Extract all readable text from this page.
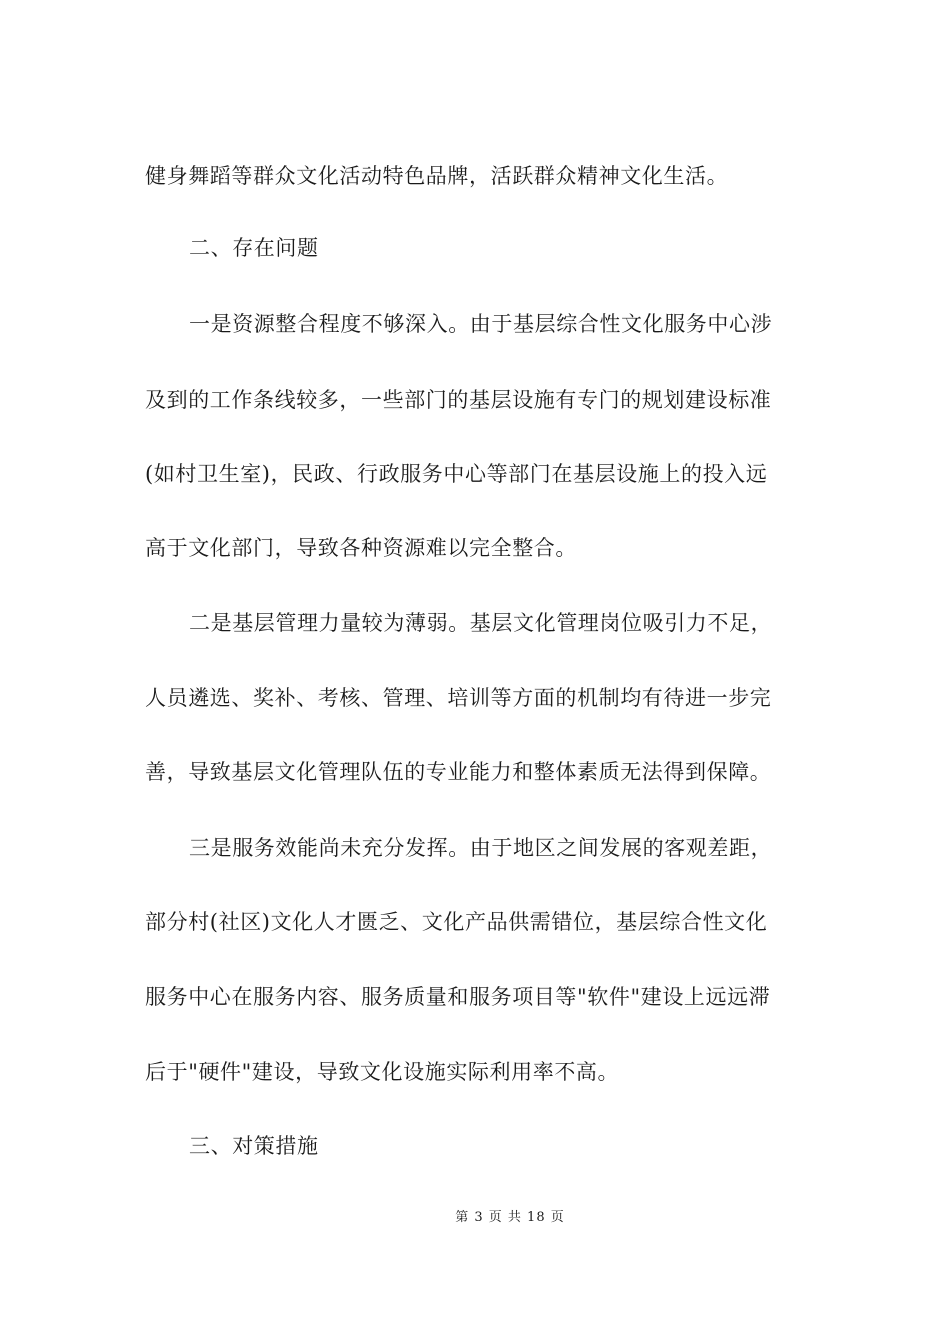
健身舞蹈等群众文化活动特色品牌，活跃群众精神文化生活。

二、存在问题

一是资源整合程度不够深入。由于基层综合性文化服务中心涉

及到的工作条线较多，一些部门的基层设施有专门的规划建设标准

(如村卫生室)，民政、行政服务中心等部门在基层设施上的投入远

高于文化部门，导致各种资源难以完全整合。

二是基层管理力量较为薄弱。基层文化管理岗位吸引力不足，

人员遴选、奖补、考核、管理、培训等方面的机制均有待进一步完

善，导致基层文化管理队伍的专业能力和整体素质无法得到保障。

三是服务效能尚未充分发挥。由于地区之间发展的客观差距，

部分村(社区)文化人才匮乏、文化产品供需错位，基层综合性文化

服务中心在服务内容、服务质量和服务项目等"软件"建设上远远滞

后于"硬件"建设，导致文化设施实际利用率不高。

三、对策措施

第 3 页 共 18 页
